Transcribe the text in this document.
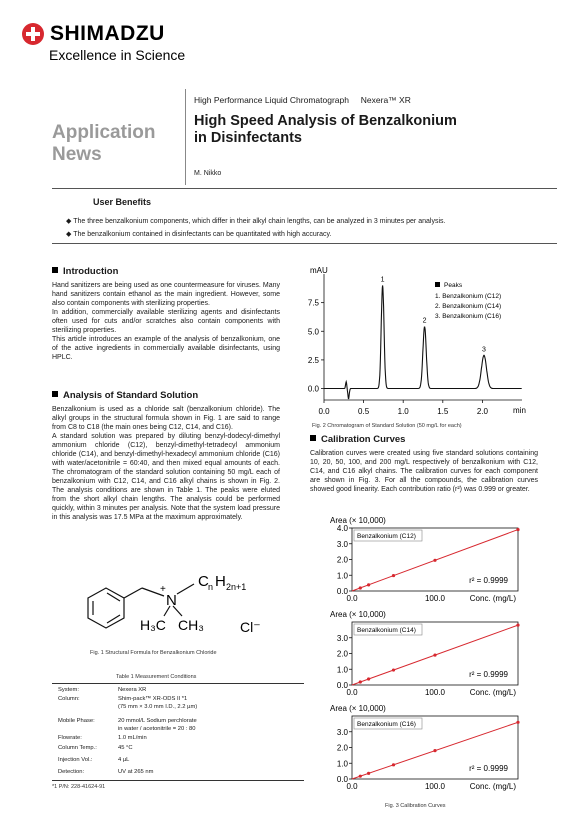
SHIMADZU
Excellence in Science
Application
News
High Performance Liquid Chromatograph     Nexera™ XR
High Speed Analysis of Benzalkonium
in Disinfectants
M. Nikko
User Benefits
◆ The three benzalkonium components, which differ in their alkyl chain lengths, can be analyzed in 3 minutes per analysis.
◆ The benzalkonium contained in disinfectants can be quantitated with high accuracy.
Introduction
Hand sanitizers are being used as one countermeasure for viruses. Many hand sanitizers contain ethanol as the main ingredient. However, some also contain components with sterilizing properties.
In addition, commercially available sterilizing agents and disinfectants often used for cuts and/or scratches also contain components with sterilizing properties.
This article introduces an example of the analysis of benzalkonium, one of the active ingredients in commercially available disinfectants, using HPLC.
Analysis of Standard Solution
Benzalkonium is used as a chloride salt (benzalkonium chloride). The alkyl groups in the structural formula shown in Fig. 1 are said to range from C8 to C18 (the main ones being C12, C14, and C16).
A standard solution was prepared by diluting benzyl-dodecyl-dimethyl ammonium chloride (C12), benzyl-dimethyl-tetradecyl ammonium chloride (C14), and benzyl-dimethyl-hexadecyl ammonium chloride (C16) with water/acetonitrile = 60:40, and then mixed equal amounts of each. The chromatogram of the standard solution containing 50 mg/L each of benzalkonium with C12, C14, and C16 alkyl chains is shown in Fig. 2. The analysis conditions are shown in Table 1. The peaks were eluted from the short alkyl chain lengths. The analysis could be performed quickly, within 3 minutes per analysis. Note that the system load pressure in this analysis was 17.5 MPa at the maximum approximately.
N
+ C n H 2n+1
H₃C CH₃	Cl⁻
Fig. 1 Structural Formula for Benzalkonium Chloride
Table 1 Measurement Conditions
System:	Nexera XR
Column:	Shim-pack™ XR-ODS II *1
(75 mm × 3.0 mm I.D., 2.2 µm)
Mobile Phase:	20 mmol/L Sodium perchlorate
in water / acetonitrile = 20 : 80
Flowrate:	1.0 mL/min
Column Temp.:	45 °C
Injection Vol.:	4 µL
Detection:	UV at 265 nm
*1 P/N: 228-41624-91
mAU
min
Peaks
1. Benzalkonium (C12)
2. Benzalkonium (C14)
3. Benzalkonium (C16)
0.0
2.5
5.0
7.5
0.0	0.5	1.0	1.5	2.0
1
2
3
Fig. 2 Chromatogram of Standard Solution (50 mg/L for each)
Calibration Curves
Calibration curves were created using five standard solutions containing 10, 20, 50, 100, and 200 mg/L respectively of benzalkonium with C12, C14, and C16 alkyl chains. The calibration curves for each component are shown in Fig. 3. For all the compounds, the calibration curves showed good linearity. Each contribution ratio (r²) was 0.999 or greater.
Area (× 10,000)
0.0
1.0
2.0
3.0
4.0
0.0	100.0	Conc. (mg/L)
Benzalkonium (C12)
r² = 0.9999
Area (× 10,000)
0.0
1.0
2.0
3.0
0.0	100.0	Conc. (mg/L)
Benzalkonium (C14)
r² = 0.9999
Area (× 10,000)
0.0
1.0
2.0
3.0
0.0	100.0	Conc. (mg/L)
Benzalkonium (C16)
r² = 0.9999
Fig. 3 Calibration Curves
